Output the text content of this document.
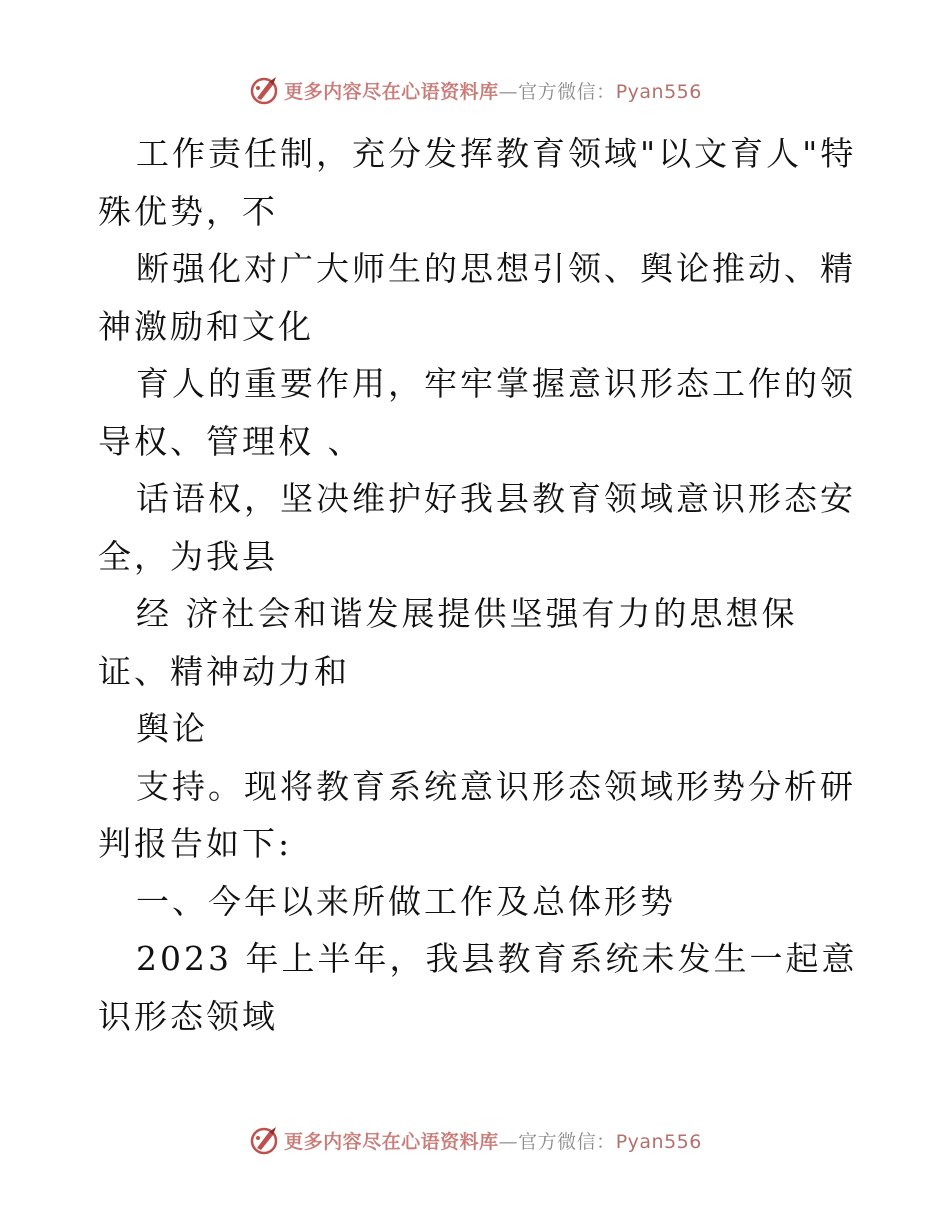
更多内容尽在心语资料库—官方微信：Pyan556

工作责任制，充分发挥教育领域"以文育人"特殊优势，不

断强化对广大师生的思想引领、舆论推动、精神激励和文化

育人的重要作用，牢牢掌握意识形态工作的领导权、管理权 、

话语权，坚决维护好我县教育领域意识形态安全，为我县

经 济社会和谐发展提供坚强有力的思想保证、精神动力和

舆论

支持。现将教育系统意识形态领域形势分析研判报告如下:

一、今年以来所做工作及总体形势

2023 年上半年，我县教育系统未发生一起意识形态领域

更多内容尽在心语资料库—官方微信：Pyan556
